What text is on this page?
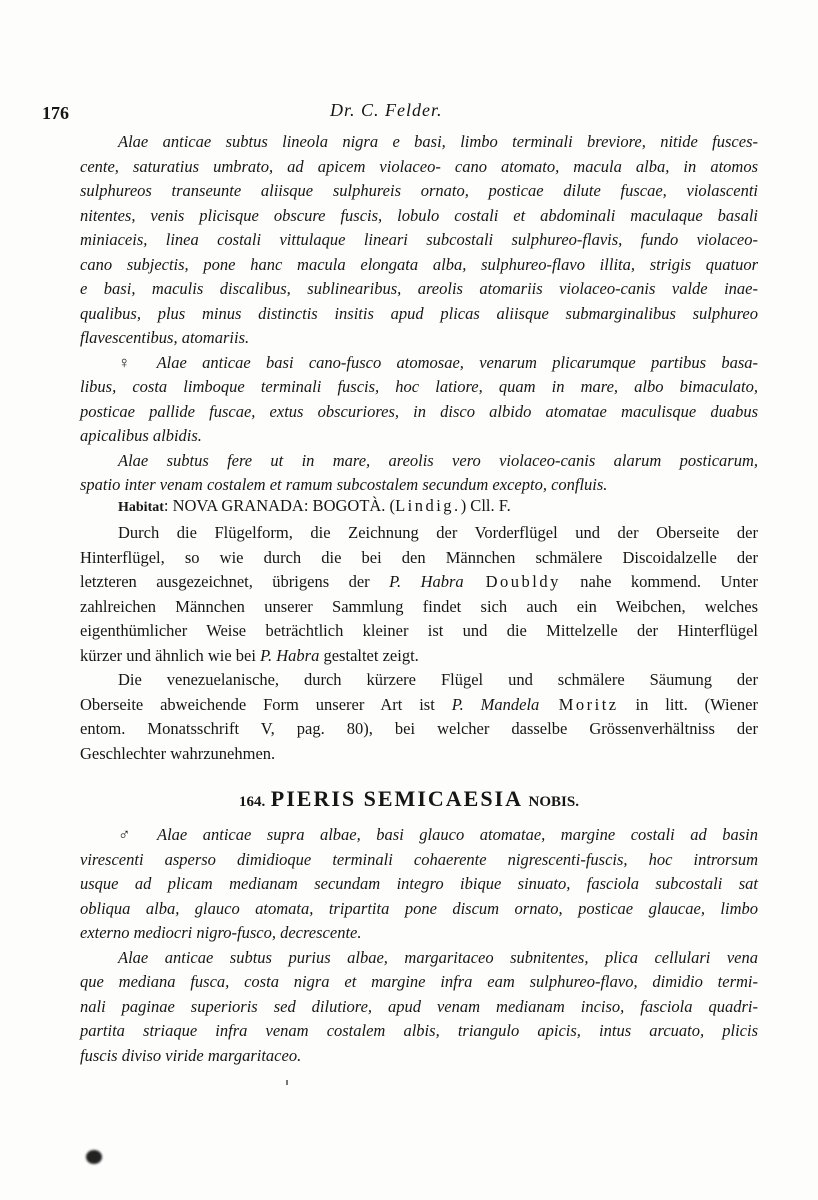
176	Dr. C. Felder.
Alae anticae subtus lineola nigra e basi, limbo terminali breviore, nitide fusces-
cente, saturatius umbrato, ad apicem violaceo- cano atomato, macula alba, in atomos
sulphureos transeunte aliisque sulphureis ornato, posticae dilute fuscae, violascenti
nitentes, venis plicisque obscure fuscis, lobulo costali et abdominali maculaque basali
miniaceis, linea costali vittulaque lineari subcostali sulphureo-flavis, fundo violaceo-
cano subjectis, pone hanc macula elongata alba, sulphureo-flavo illita, strigis quatuor
e basi, maculis discalibus, sublinearibus, areolis atomariis violaceo-canis valde inae-
qualibus, plus minus distinctis insitis apud plicas aliisque submarginalibus sulphureo
flavescentibus, atomariis.
♀ Alae anticae basi cano-fusco atomosae, venarum plicarumque partibus basa-
libus, costa limboque terminali fuscis, hoc latiore, quam in mare, albo bimaculato,
posticae pallide fuscae, extus obscuriores, in disco albido atomatae maculisque duabus
apicalibus albidis.
Alae subtus fere ut in mare, areolis vero violaceo-canis alarum posticarum,
spatio inter venam costalem et ramum subcostalem secundum excepto, confluis.
Habitat: NOVA GRANADA: BOGOTÀ. (Lindig.) Cll. F.
Durch die Flügelform, die Zeichnung der Vorderflügel und der Oberseite der
Hinterflügel, so wie durch die bei den Männchen schmälere Discoidalzelle der
letzteren ausgezeichnet, übrigens der P. Habra Doubldy nahe kommend. Unter
zahlreichen Männchen unserer Sammlung findet sich auch ein Weibchen, welches
eigenthümlicher Weise beträchtlich kleiner ist und die Mittelzelle der Hinterflügel
kürzer und ähnlich wie bei P. Habra gestaltet zeigt.
Die venezuelanische, durch kürzere Flügel und schmälere Säumung der
Oberseite abweichende Form unserer Art ist P. Mandela Moritz in litt. (Wiener
entom. Monatsschrift V, pag. 80), bei welcher dasselbe Grössenverhältniss der
Geschlechter wahrzunehmen.
♂ Alae anticae supra albae, basi glauco atomatae, margine costali ad basin
virescenti asperso dimidioque terminali cohaerente nigrescenti-fuscis, hoc introrsum
usque ad plicam medianam secundam integro ibique sinuato, fasciola subcostali sat
obliqua alba, glauco atomata, tripartita pone discum ornato, posticae glaucae, limbo
externo mediocri nigro-fusco, decrescente.
Alae anticae subtus purius albae, margaritaceo subnitentes, plica cellulari vena
que mediana fusca, costa nigra et margine infra eam sulphureo-flavo, dimidio termi-
nali paginae superioris sed dilutiore, apud venam medianam inciso, fasciola quadri-
partita striaque infra venam costalem albis, triangulo apicis, intus arcuato, plicis
fuscis diviso viride margaritaceo.
164. PIERIS SEMICAESIA NOBIS.
